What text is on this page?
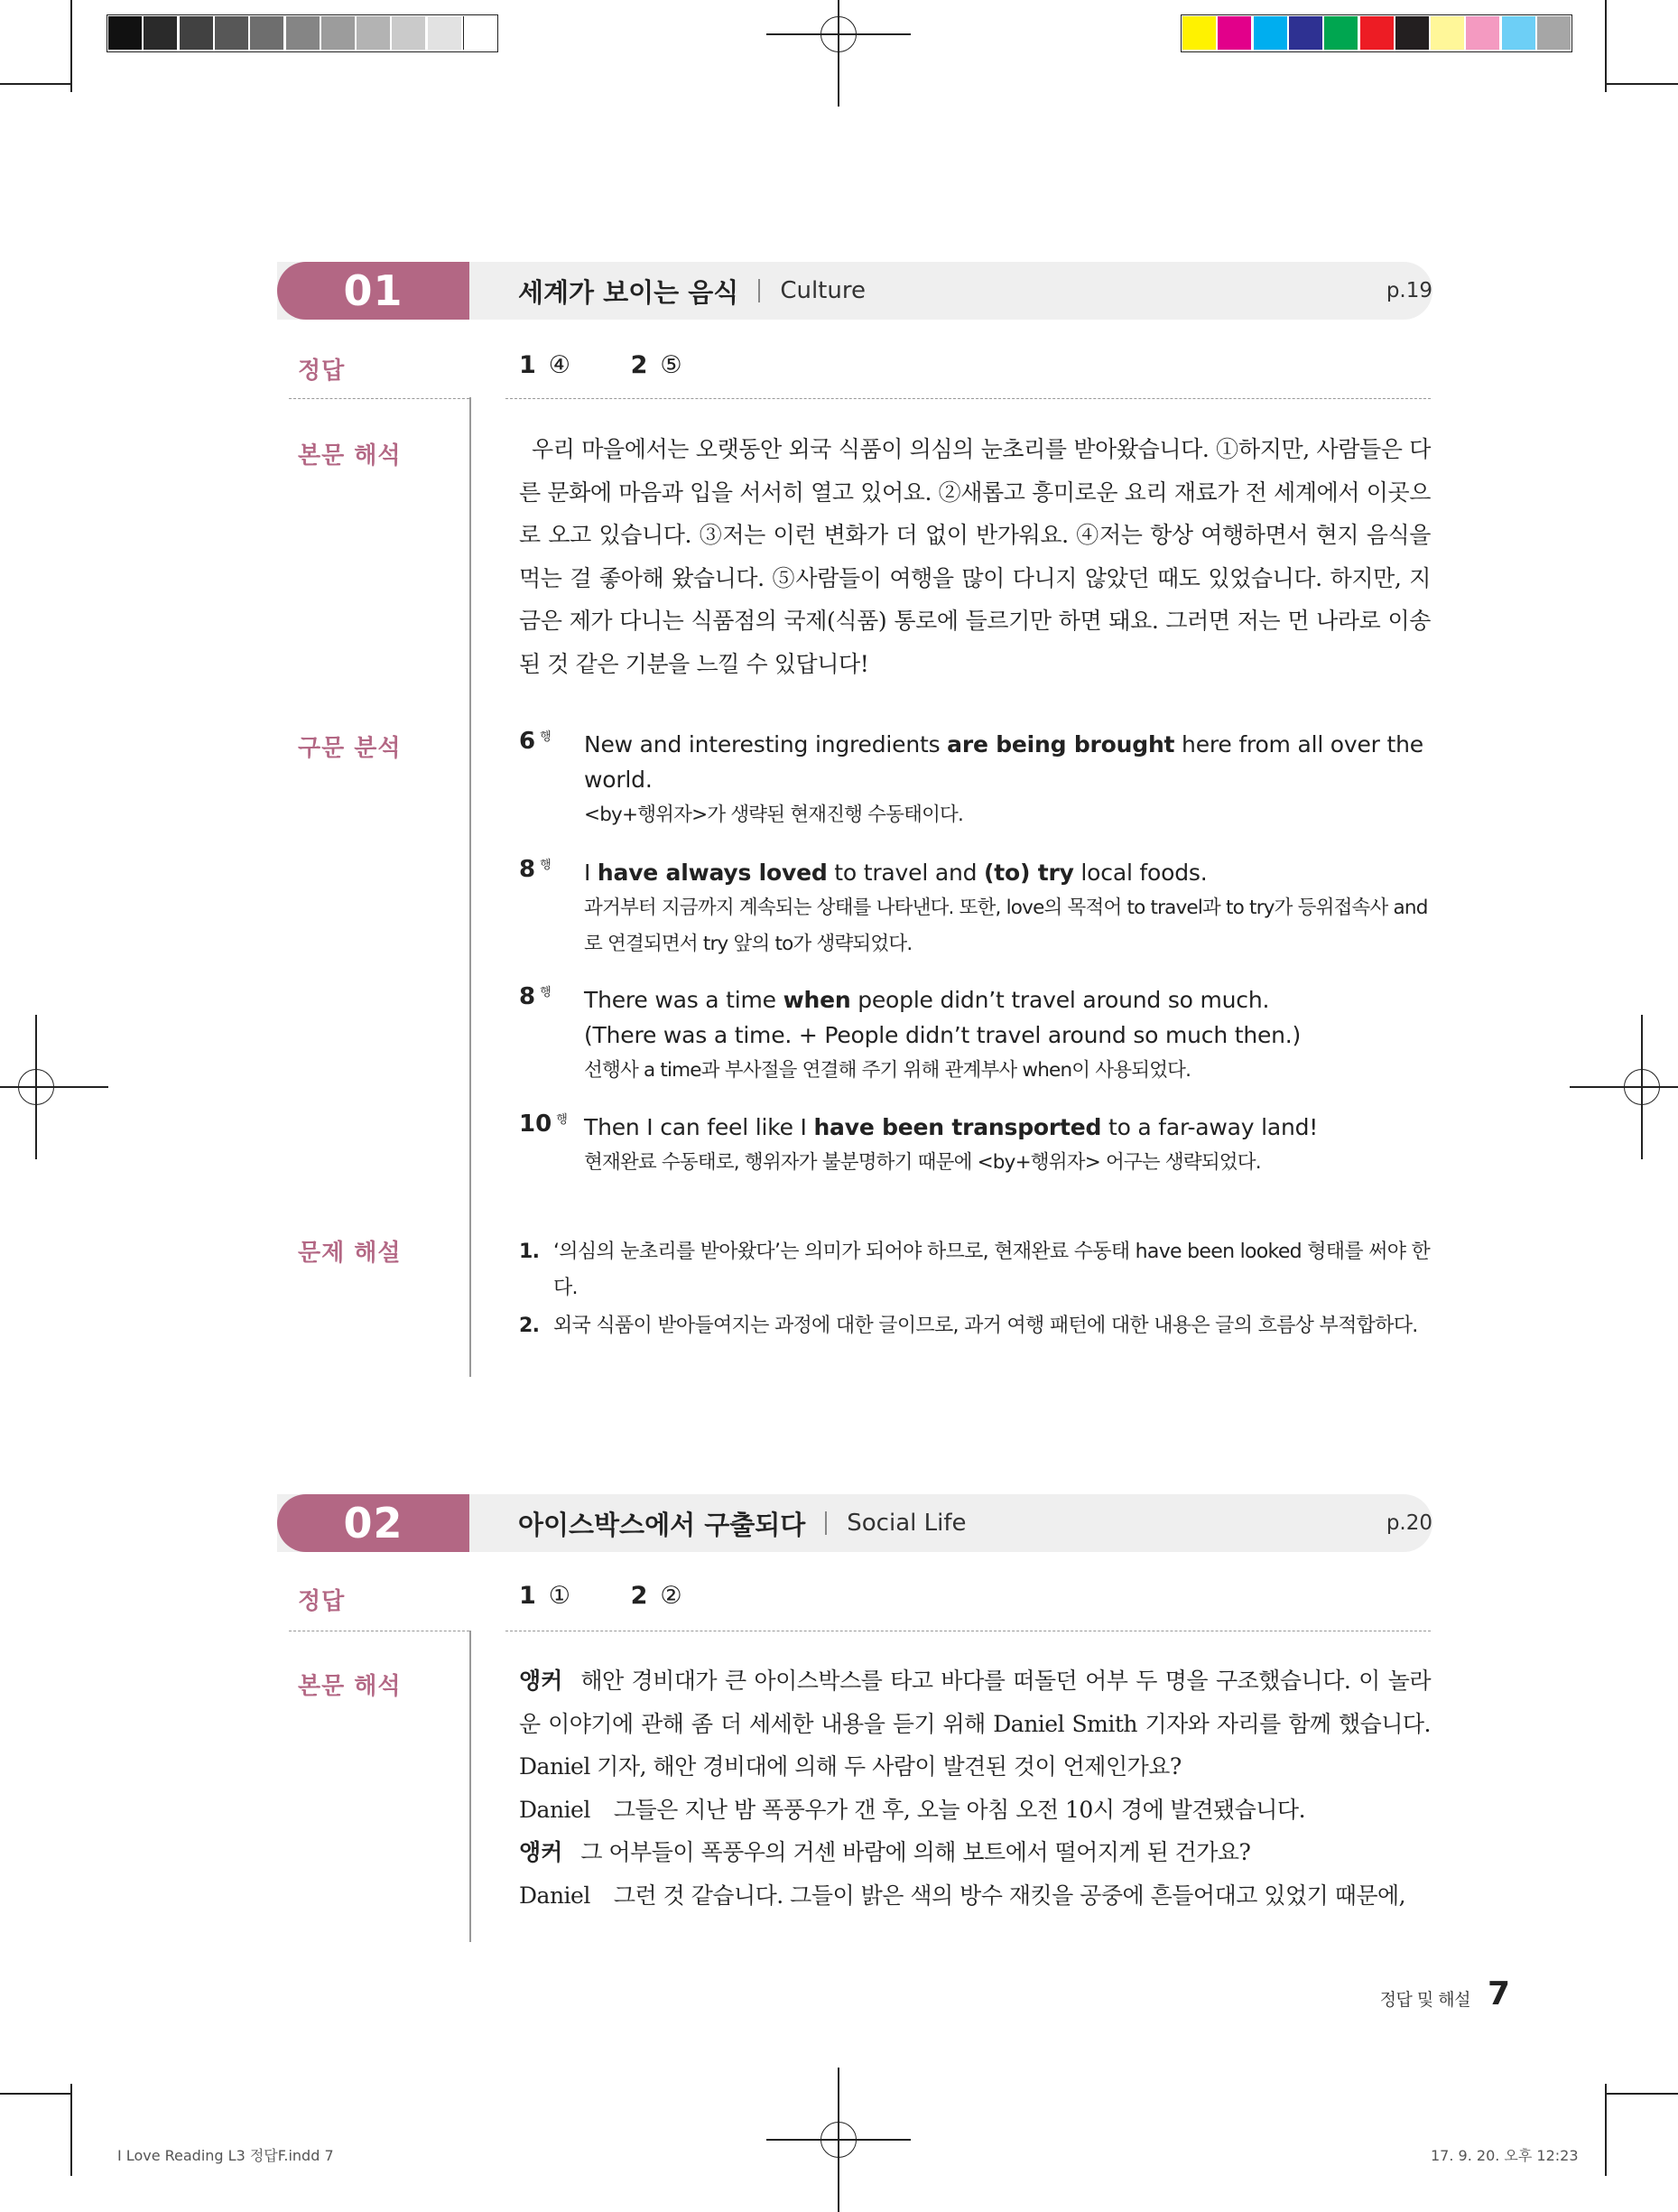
01	세계가 보이는 음식 Culture	p.19
정답	1 ④ 2 ⑤
본문 해석	우리 마을에서는 오랫동안 외국 식품이 의심의 눈초리를 받아왔습니다. ①하지만, 사람들은 다른 문화에 마음과 입을 서서히 열고 있어요. ②새롭고 흥미로운 요리 재료가 전 세계에서 이곳으로 오고 있습니다. ③저는 이런 변화가 더 없이 반가워요. ④저는 항상 여행하면서 현지 음식을 먹는 걸 좋아해 왔습니다. ⑤사람들이 여행을 많이 다니지 않았던 때도 있었습니다. 하지만, 지금은 제가 다니는 식품점의 국제(식품) 통로에 들르기만 하면 돼요. 그러면 저는 먼 나라로 이송된 것 같은 기분을 느낄 수 있답니다!
구문 분석	6 $^행$ New and interesting ingredients are being brought here from all over the world.
<by+행위자>가 생략된 현재진행 수동태이다.
8 $^행$ I have always loved to travel and (to) try local foods.
과거부터 지금까지 계속되는 상태를 나타낸다. 또한, love의 목적어 to travel과 to try가 등위접속사 and로 연결되면서 try 앞의 to가 생략되었다.
8 $^행$ There was a time when people didn’t travel around so much.
(There was a time. + People didn’t travel around so much then.)
선행사 a time과 부사절을 연결해 주기 위해 관계부사 when이 사용되었다.
10 $^행$ Then I can feel like I have been transported to a far-away land!
현재완료 수동태로, 행위자가 불분명하기 때문에 <by+행위자> 어구는 생략되었다.
문제 해설	1. ‘의심의 눈초리를 받아왔다’는 의미가 되어야 하므로, 현재완료 수동태 have been looked 형태를 써야 한다.
2. 외국 식품이 받아들여지는 과정에 대한 글이므로, 과거 여행 패턴에 대한 내용은 글의 흐름상 부적합하다.
02	아이스박스에서 구출되다 Social Life	p.20
정답	1 ① 2 ②
본문 해석	앵커 해안 경비대가 큰 아이스박스를 타고 바다를 떠돌던 어부 두 명을 구조했습니다. 이 놀라운 이야기에 관해 좀 더 세세한 내용을 듣기 위해 Daniel Smith 기자와 자리를 함께 했습니다. Daniel 기자, 해안 경비대에 의해 두 사람이 발견된 것이 언제인가요?
Daniel 그들은 지난 밤 폭풍우가 갠 후, 오늘 아침 오전 10시 경에 발견됐습니다.
앵커 그 어부들이 폭풍우의 거센 바람에 의해 보트에서 떨어지게 된 건가요?
Daniel 그런 것 같습니다. 그들이 밝은 색의 방수 재킷을 공중에 흔들어대고 있었기 때문에,
정답 및 해설 7
I Love Reading L3 정답F.indd 7	17. 9. 20. 오후 12:23
